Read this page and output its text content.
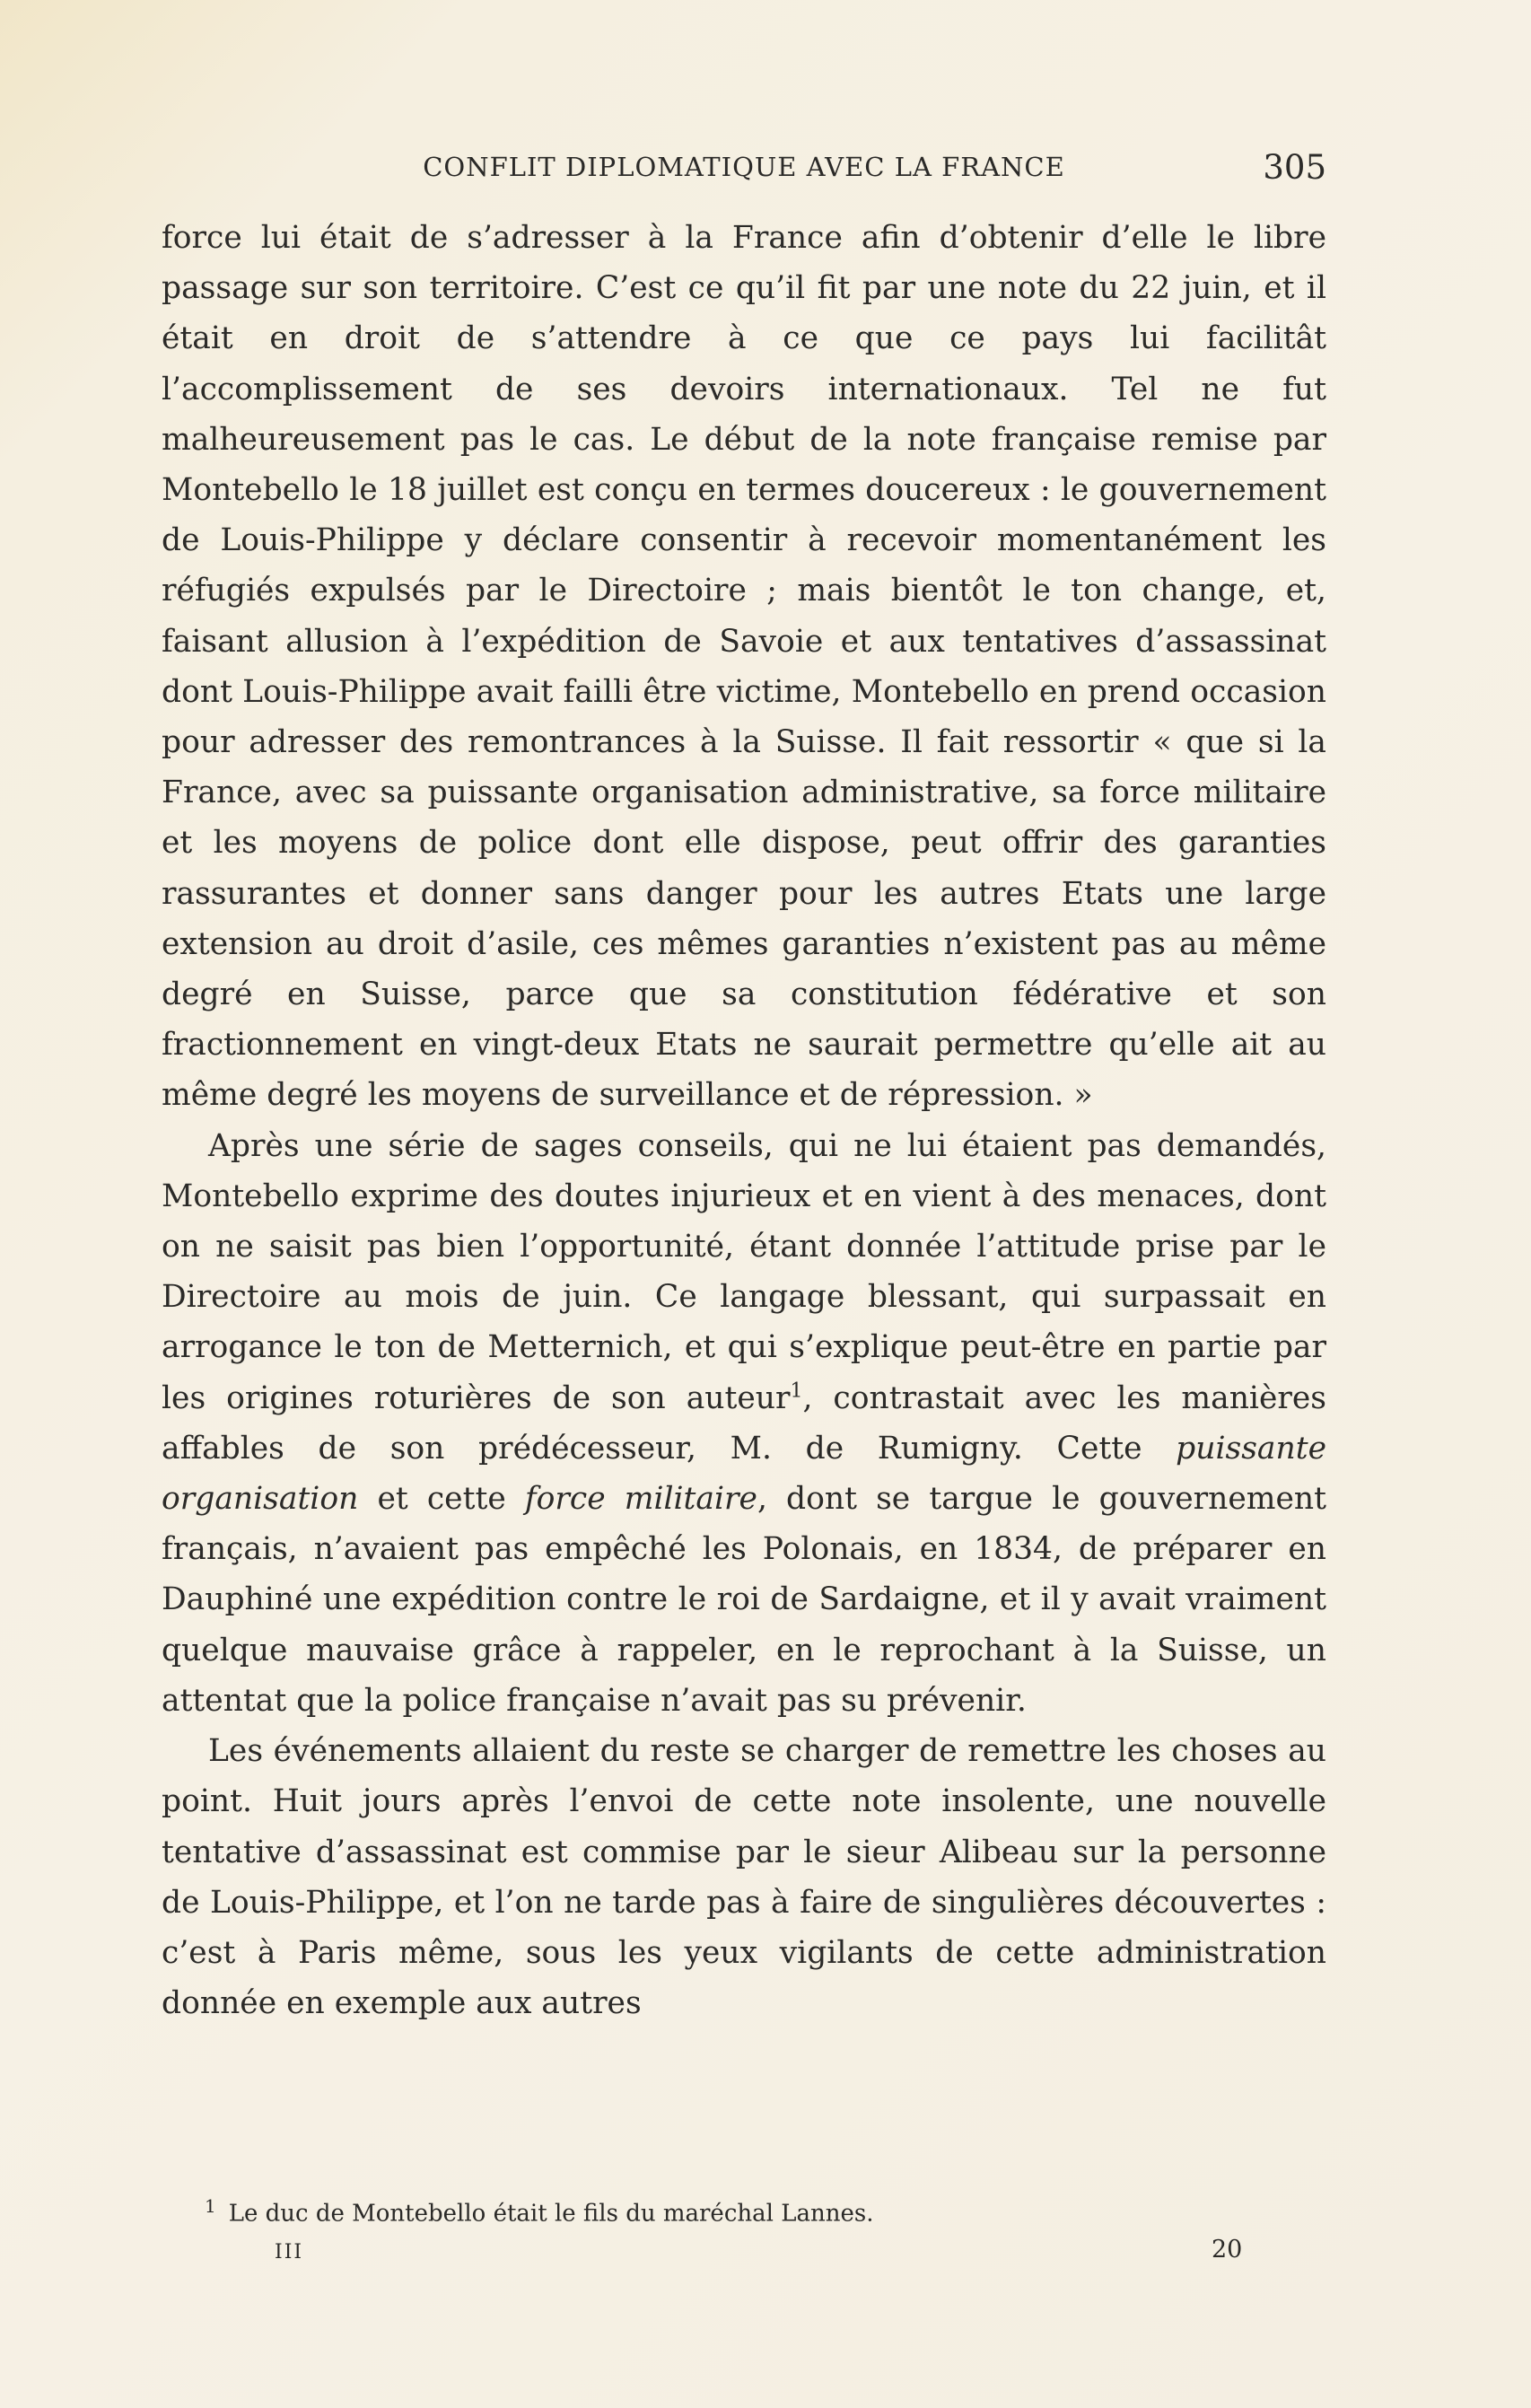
CONFLIT DIPLOMATIQUE AVEC LA FRANCE	305

force lui était de s’adresser à la France afin d’obtenir d’elle le libre passage sur son territoire. C’est ce qu’il fit par une note du 22 juin, et il était en droit de s’attendre à ce que ce pays lui facilitât l’accomplissement de ses devoirs internationaux. Tel ne fut malheureusement pas le cas. Le début de la note française remise par Montebello le 18 juillet est conçu en termes doucereux : le gouvernement de Louis-Philippe y déclare consentir à recevoir momentanément les réfugiés expulsés par le Directoire ; mais bientôt le ton change, et, faisant allusion à l’expédition de Savoie et aux tentatives d’assassinat dont Louis-Philippe avait failli être victime, Montebello en prend occasion pour adresser des remontrances à la Suisse. Il fait ressortir « que si la France, avec sa puissante organisation administrative, sa force militaire et les moyens de police dont elle dispose, peut offrir des garanties rassurantes et donner sans danger pour les autres Etats une large extension au droit d’asile, ces mêmes garanties n’existent pas au même degré en Suisse, parce que sa constitution fédérative et son fractionnement en vingt-deux Etats ne saurait permettre qu’elle ait au même degré les moyens de surveillance et de répression. »

Après une série de sages conseils, qui ne lui étaient pas demandés, Montebello exprime des doutes injurieux et en vient à des menaces, dont on ne saisit pas bien l’opportunité, étant donnée l’attitude prise par le Directoire au mois de juin. Ce langage blessant, qui surpassait en arrogance le ton de Metternich, et qui s’explique peut-être en partie par les origines roturières de son auteur$^1$, contrastait avec les manières affables de son prédécesseur, M. de Rumigny. Cette puissante organisation et cette force militaire, dont se targue le gouvernement français, n’avaient pas empêché les Polonais, en 1834, de préparer en Dauphiné une expédition contre le roi de Sardaigne, et il y avait vraiment quelque mauvaise grâce à rappeler, en le reprochant à la Suisse, un attentat que la police française n’avait pas su prévenir.

Les événements allaient du reste se charger de remettre les choses au point. Huit jours après l’envoi de cette note insolente, une nouvelle tentative d’assassinat est commise par le sieur Alibeau sur la personne de Louis-Philippe, et l’on ne tarde pas à faire de singulières découvertes : c’est à Paris même, sous les yeux vigilants de cette administration donnée en exemple aux autres

$^1$ Le duc de Montebello était le fils du maréchal Lannes.
III	20
